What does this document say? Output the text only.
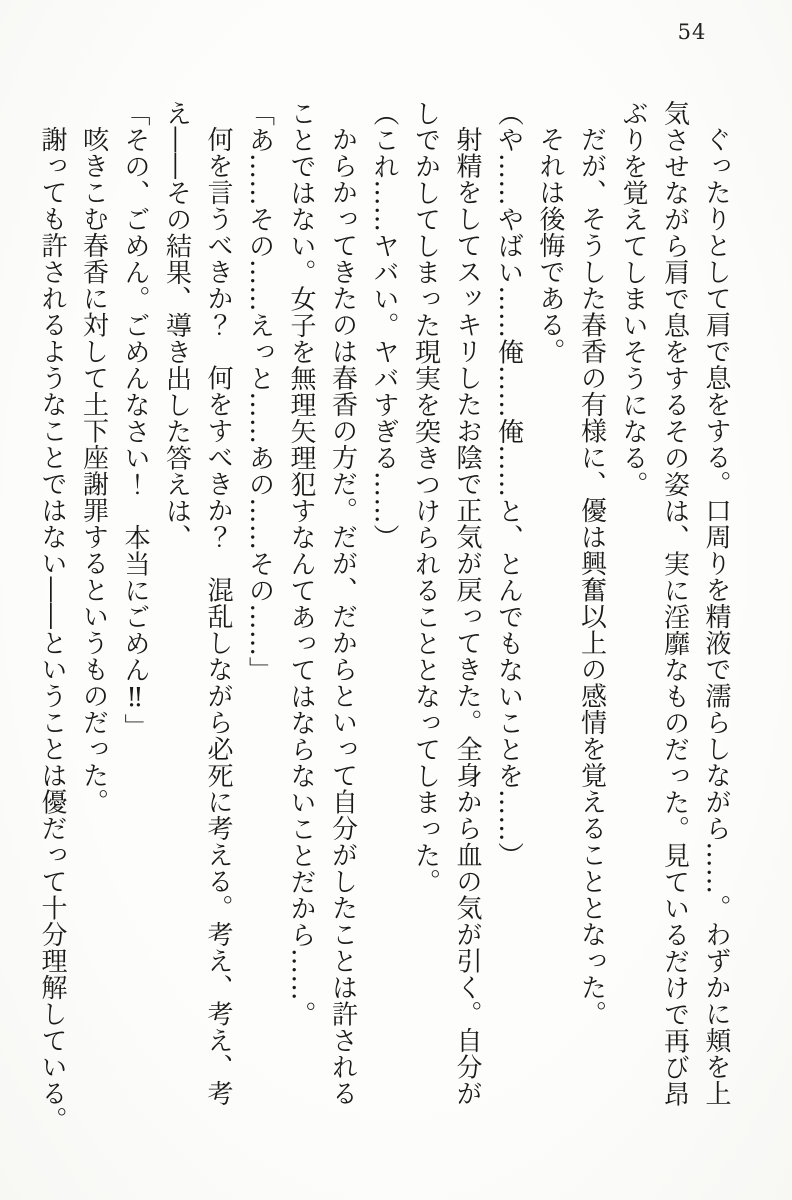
54

ぐったりとして肩で息をする。口周りを精液で濡らしながら……。わずかに頬を上

気させながら肩で息をするその姿は、実に淫靡なものだった。見ているだけで再び昂

ぶりを覚えてしまいそうになる。

だが、そうした春香の有様に、優は興奮以上の感情を覚えることとなった。

それは後悔である。

（や……やばい……俺……俺……と、とんでもないことを……）

射精をしてスッキリしたお陰で正気が戻ってきた。全身から血の気が引く。自分が

しでかしてしまった現実を突きつけられることとなってしまった。

（これ……ヤバい。ヤバすぎる……）

からかってきたのは春香の方だ。だが、だからといって自分がしたことは許される

ことではない。女子を無理矢理犯すなんてあってはならないことだから……。

「あ……その……えっと……あの……その……」

何を言うべきか？　何をすべきか？　混乱しながら必死に考える。考え、考え、考

え――その結果、導き出した答えは、

「その、ごめん。ごめんなさい！　本当にごめん‼」

咳きこむ春香に対して土下座謝罪するというものだった。

謝っても許されるようなことではない――ということは優だって十分理解している。
